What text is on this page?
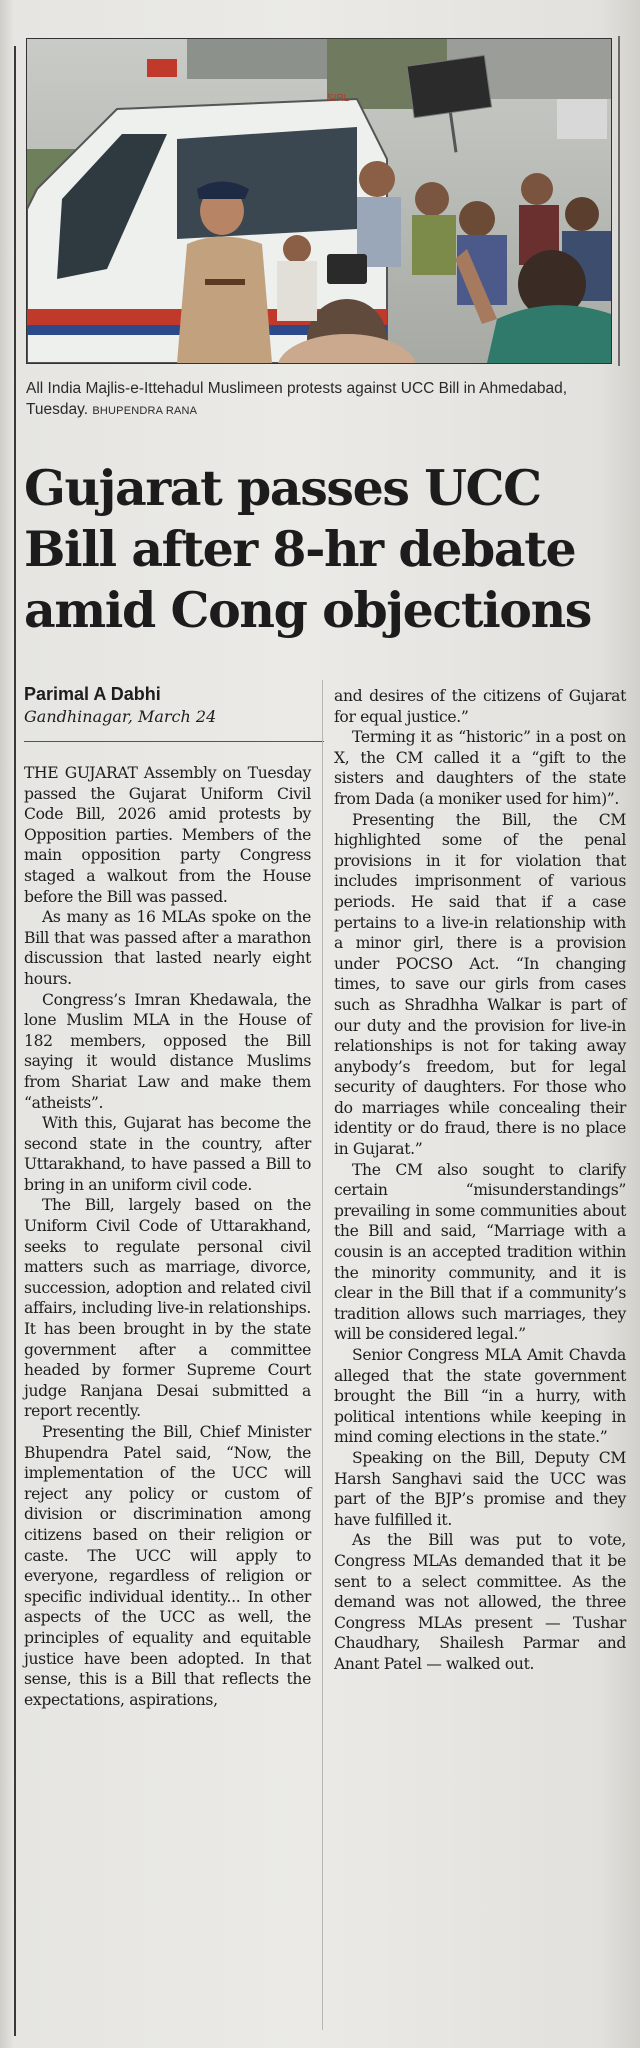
SIRL
All India Majlis-e-Ittehadul Muslimeen protests against UCC Bill in Ahmedabad, Tuesday. BHUPENDRA RANA
Gujarat passes UCC Bill after 8-hr debate amid Cong objections
Parimal A Dabhi
Gandhinagar, March 24

THE GUJARAT Assembly on Tuesday passed the Gujarat Uniform Civil Code Bill, 2026 amid protests by Opposition parties. Members of the main opposition party Congress staged a walkout from the House before the Bill was passed.

As many as 16 MLAs spoke on the Bill that was passed after a marathon discussion that lasted nearly eight hours.

Congress’s Imran Khedawala, the lone Muslim MLA in the House of 182 members, opposed the Bill saying it would distance Muslims from Shariat Law and make them “atheists”.

With this, Gujarat has become the second state in the country, after Uttarakhand, to have passed a Bill to bring in an uniform civil code.

The Bill, largely based on the Uniform Civil Code of Uttarakhand, seeks to regulate personal civil matters such as marriage, divorce, succession, adoption and related civil affairs, including live-in relationships. It has been brought in by the state government after a committee headed by former Supreme Court judge Ranjana Desai submitted a report recently.

Presenting the Bill, Chief Minister Bhupendra Patel said, “Now, the implementation of the UCC will reject any policy or custom of division or discrimination among citizens based on their religion or caste. The UCC will apply to everyone, regardless of religion or specific individual identity... In other aspects of the UCC as well, the principles of equality and equitable justice have been adopted. In that sense, this is a Bill that reflects the expectations, aspirations,

and desires of the citizens of Gujarat for equal justice.”

Terming it as “historic” in a post on X, the CM called it a “gift to the sisters and daughters of the state from Dada (a moniker used for him)”.

Presenting the Bill, the CM highlighted some of the penal provisions in it for violation that includes imprisonment of various periods. He said that if a case pertains to a live-in relationship with a minor girl, there is a provision under POCSO Act. “In changing times, to save our girls from cases such as Shradhha Walkar is part of our duty and the provision for live-in relationships is not for taking away anybody’s freedom, but for legal security of daughters. For those who do marriages while concealing their identity or do fraud, there is no place in Gujarat.”

The CM also sought to clarify certain “misunderstandings” prevailing in some communities about the Bill and said, “Marriage with a cousin is an accepted tradition within the minority community, and it is clear in the Bill that if a community’s tradition allows such marriages, they will be considered legal.”

Senior Congress MLA Amit Chavda alleged that the state government brought the Bill “in a hurry, with political intentions while keeping in mind coming elections in the state.”

Speaking on the Bill, Deputy CM Harsh Sanghavi said the UCC was part of the BJP’s promise and they have fulfilled it.

As the Bill was put to vote, Congress MLAs demanded that it be sent to a select committee. As the demand was not allowed, the three Congress MLAs present — Tushar Chaudhary, Shailesh Parmar and Anant Patel — walked out.
